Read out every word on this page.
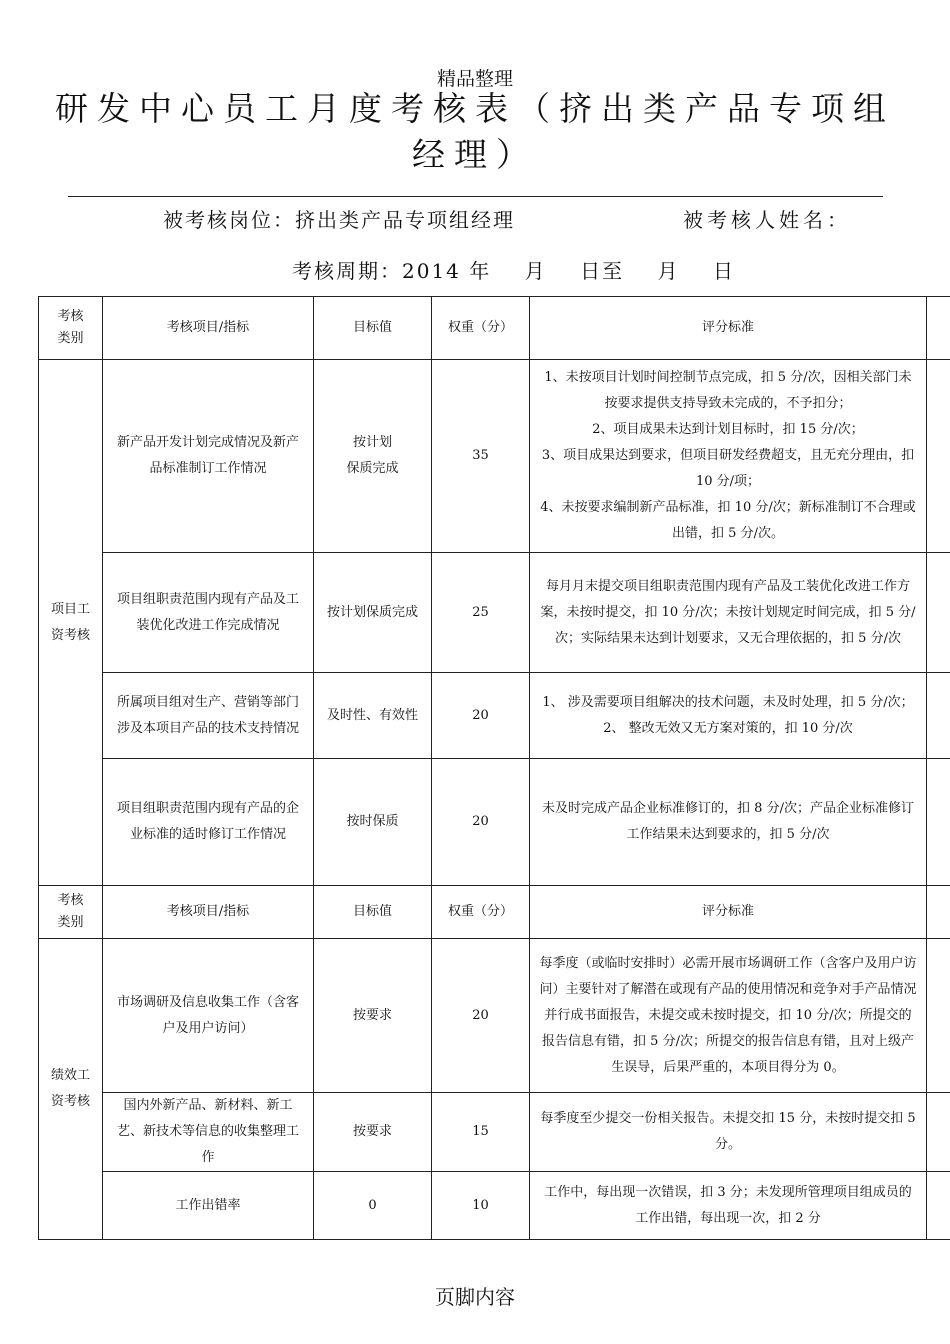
精品整理
研发中心员工月度考核表（挤出类产品专项组经理）
被考核岗位：挤出类产品专项组经理	被考核人姓名：
考核周期：2014 年    月    日至    月    日
考核类别	考核项目/指标	目标值	权重（分）	评分标准	
项目工资考核	新产品开发计划完成情况及新产品标准制订工作情况	按计划
保质完成	35	1、未按项目计划时间控制节点完成，扣 5 分/次，因相关部门未按要求提供支持导致未完成的，不予扣分；
2、项目成果未达到计划目标时，扣 15 分/次；
3、项目成果达到要求，但项目研发经费超支，且无充分理由，扣 10 分/项；
4、未按要求编制新产品标准，扣 10 分/次；新标准制订不合理或出错，扣 5 分/次。	
	项目组职责范围内现有产品及工装优化改进工作完成情况	按计划保质完成	25	每月月末提交项目组职责范围内现有产品及工装优化改进工作方案，未按时提交，扣 10 分/次；未按计划规定时间完成，扣 5 分/次；实际结果未达到计划要求，又无合理依据的，扣 5 分/次	
	所属项目组对生产、营销等部门涉及本项目产品的技术支持情况	及时性、有效性	20	1、 涉及需要项目组解决的技术问题，未及时处理，扣 5 分/次；
2、 整改无效又无方案对策的，扣 10 分/次	
	项目组职责范围内现有产品的企业标准的适时修订工作情况	按时保质	20	未及时完成产品企业标准修订的，扣 8 分/次；产品企业标准修订工作结果未达到要求的，扣 5 分/次	
考核类别	考核项目/指标	目标值	权重（分）	评分标准	
绩效工资考核	市场调研及信息收集工作（含客户及用户访问）	按要求	20	每季度（或临时安排时）必需开展市场调研工作（含客户及用户访问）主要针对了解潜在或现有产品的使用情况和竞争对手产品情况并行成书面报告，未提交或未按时提交，扣 10 分/次；所提交的报告信息有错，扣 5 分/次；所提交的报告信息有错，且对上级产生误导，后果严重的，本项目得分为 0。	
	国内外新产品、新材料、新工艺、新技术等信息的收集整理工作	按要求	15	每季度至少提交一份相关报告。未提交扣 15 分，未按时提交扣 5 分。	
	工作出错率	0	10	工作中，每出现一次错误，扣 3 分；未发现所管理项目组成员的工作出错，每出现一次，扣 2 分	
页脚内容
